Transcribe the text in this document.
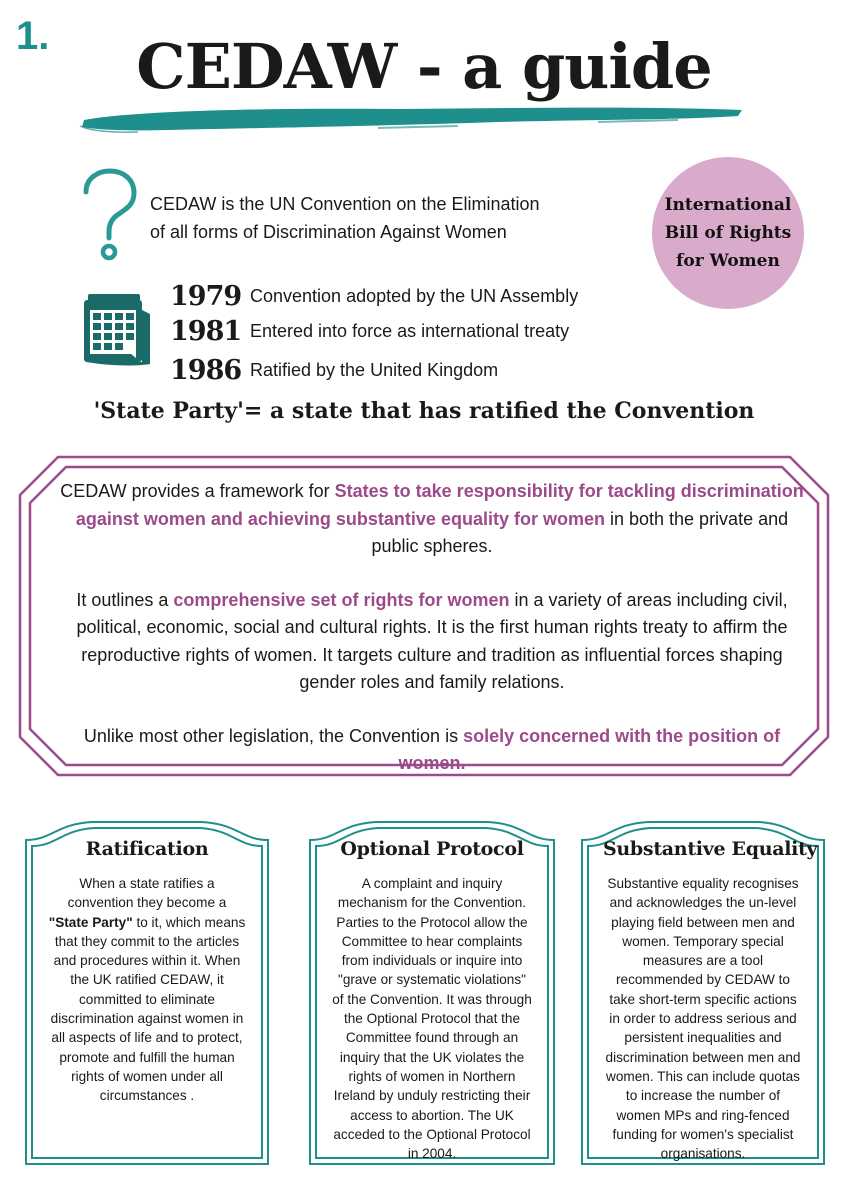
1.	CEDAW - a guide
CEDAW is the UN Convention on the Elimination
of all forms of Discrimination Against Women
International
Bill of Rights
for Women
1979 Convention adopted by the UN Assembly
1981 Entered into force as international treaty
1986 Ratified by the United Kingdom
'State Party'= a state that has ratified the Convention

CEDAW provides a framework for States to take responsibility for tackling discrimination against women and achieving substantive equality for women in both the private and public spheres.

It outlines a comprehensive set of rights for women in a variety of areas including civil, political, economic, social and cultural rights. It is the first human rights treaty to affirm the reproductive rights of women. It targets culture and tradition as influential forces shaping gender roles and family relations.

Unlike most other legislation, the Convention is solely concerned with the position of women.

Ratification
When a state ratifies a convention they become a "State Party" to it, which means that they commit to the articles and procedures within it. When the UK ratified CEDAW, it committed to eliminate discrimination against women in all aspects of life and to protect, promote and fulfill the human rights of women under all circumstances .
Optional Protocol
A complaint and inquiry mechanism for the Convention. Parties to the Protocol allow the Committee to hear complaints from individuals or inquire into "grave or systematic violations" of the Convention. It was through the Optional Protocol that the Committee found through an inquiry that the UK violates the rights of women in Northern Ireland by unduly restricting their access to abortion. The UK acceded to the Optional Protocol in 2004.
Substantive Equality
Substantive equality recognises and acknowledges the un-level playing field between men and women. Temporary special measures are a tool recommended by CEDAW to take short-term specific actions in order to address serious and persistent inequalities and discrimination between men and women. This can include quotas to increase the number of women MPs and ring-fenced funding for women's specialist organisations.
